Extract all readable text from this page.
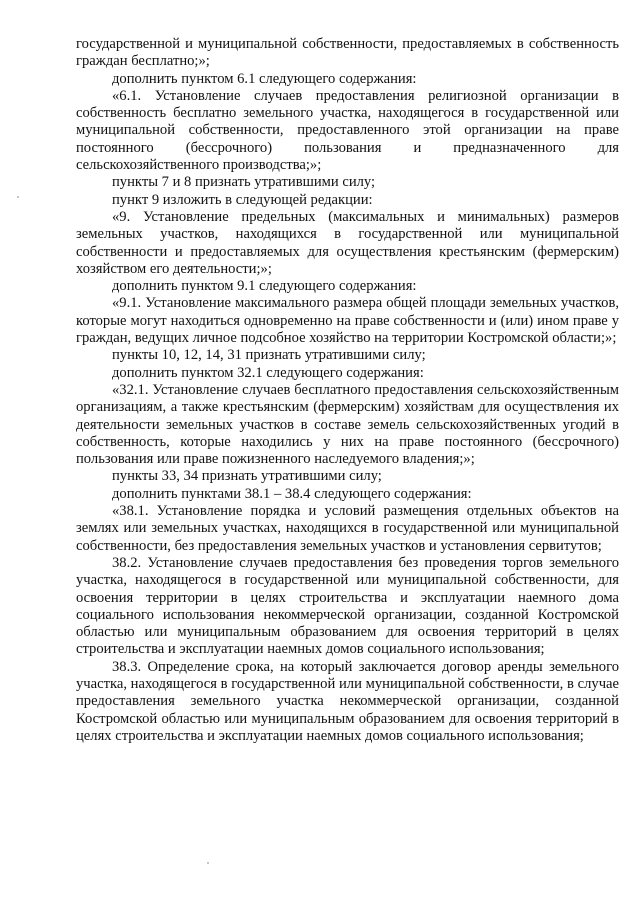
государственной и муниципальной собственности, предоставляемых в собственность граждан бесплатно;»;

дополнить пунктом 6.1 следующего содержания:

«6.1. Установление случаев предоставления религиозной организации в собственность бесплатно земельного участка, находящегося в государственной или муниципальной собственности, предоставленного этой организации на праве постоянного (бессрочного) пользования и предназначенного для сельскохозяйственного производства;»;

пункты 7 и 8 признать утратившими силу;

пункт 9 изложить в следующей редакции:

«9. Установление предельных (максимальных и минимальных) размеров земельных участков, находящихся в государственной или муниципальной собственности и предоставляемых для осуществления крестьянским (фермерским) хозяйством его деятельности;»;

дополнить пунктом 9.1 следующего содержания:

«9.1. Установление максимального размера общей площади земельных участков, которые могут находиться одновременно на праве собственности и (или) ином праве у граждан, ведущих личное подсобное хозяйство на территории Костромской области;»;

пункты 10, 12, 14, 31 признать утратившими силу;

дополнить пунктом 32.1 следующего содержания:

«32.1. Установление случаев бесплатного предоставления сельскохозяйственным организациям, а также крестьянским (фермерским) хозяйствам для осуществления их деятельности земельных участков в составе земель сельскохозяйственных угодий в собственность, которые находились у них на праве постоянного (бессрочного) пользования или праве пожизненного наследуемого владения;»;

пункты 33, 34 признать утратившими силу;

дополнить пунктами 38.1 – 38.4 следующего содержания:

«38.1. Установление порядка и условий размещения отдельных объектов на землях или земельных участках, находящихся в государственной или муниципальной собственности, без предоставления земельных участков и установления сервитутов;

38.2. Установление случаев предоставления без проведения торгов земельного участка, находящегося в государственной или муниципальной собственности, для освоения территории в целях строительства и эксплуатации наемного дома социального использования некоммерческой организации, созданной Костромской областью или муниципальным образованием для освоения территорий в целях строительства и эксплуатации наемных домов социального использования;

38.3. Определение срока, на который заключается договор аренды земельного участка, находящегося в государственной или муниципальной собственности, в случае предоставления земельного участка некоммерческой организации, созданной Костромской областью или муниципальным образованием для освоения территорий в целях строительства и эксплуатации наемных домов социального использования;
